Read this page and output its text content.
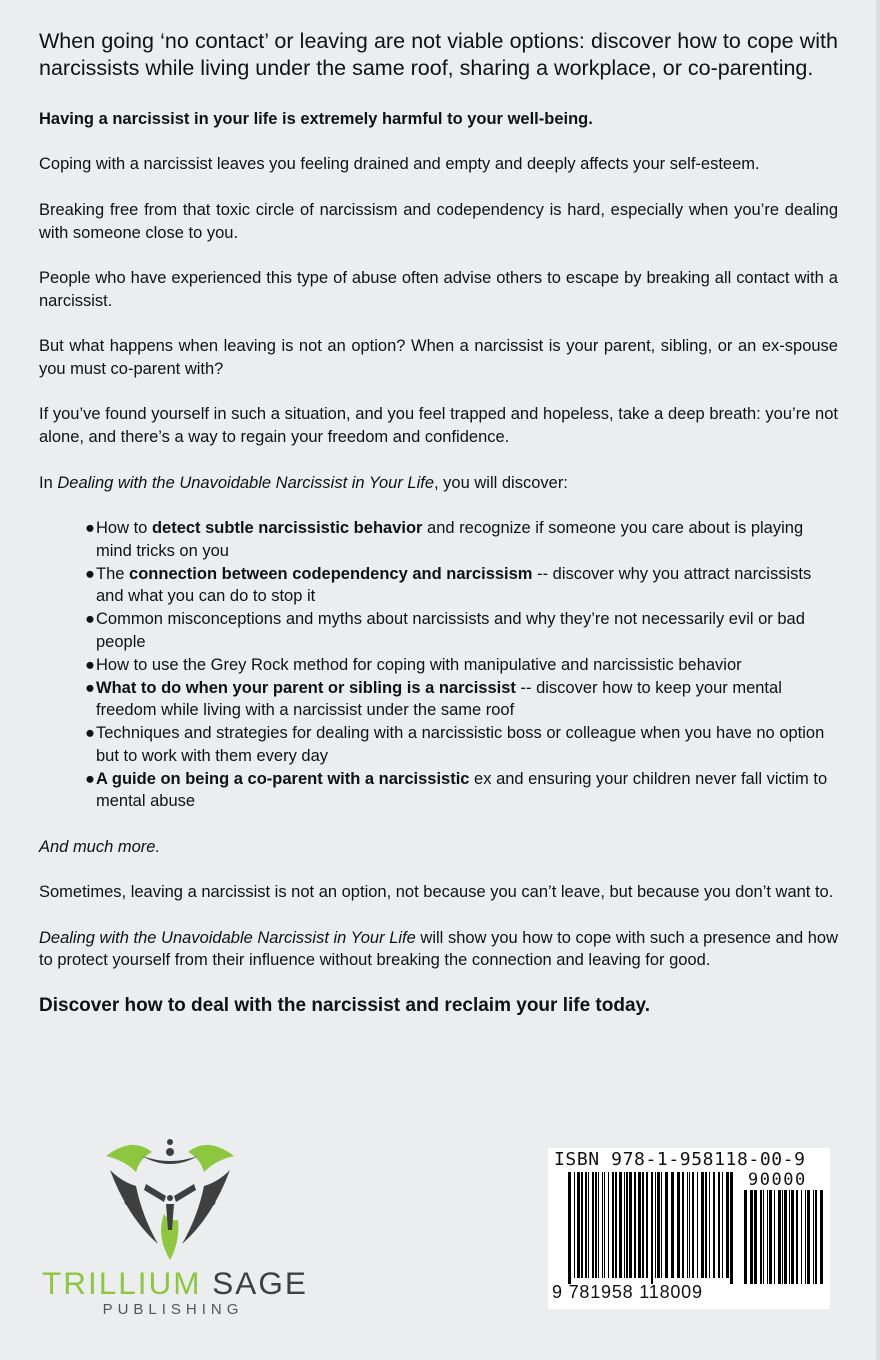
When going ‘no contact’ or leaving are not viable options: discover how to cope with narcissists while living under the same roof, sharing a workplace, or co-parenting.

Having a narcissist in your life is extremely harmful to your well-being.

Coping with a narcissist leaves you feeling drained and empty and deeply affects your self-esteem.

Breaking free from that toxic circle of narcissism and codependency is hard, especially when you’re dealing with someone close to you.

People who have experienced this type of abuse often advise others to escape by breaking all contact with a narcissist.

But what happens when leaving is not an option? When a narcissist is your parent, sibling, or an ex-spouse you must co-parent with?

If you’ve found yourself in such a situation, and you feel trapped and hopeless, take a deep breath: you’re not alone, and there’s a way to regain your freedom and confidence.

In Dealing with the Unavoidable Narcissist in Your Life, you will discover:

● How to detect subtle narcissistic behavior and recognize if someone you care about is playing mind tricks on you
● The connection between codependency and narcissism -- discover why you attract narcissists and what you can do to stop it
● Common misconceptions and myths about narcissists and why they’re not necessarily evil or bad people
● How to use the Grey Rock method for coping with manipulative and narcissistic behavior
● What to do when your parent or sibling is a narcissist -- discover how to keep your mental freedom while living with a narcissist under the same roof
● Techniques and strategies for dealing with a narcissistic boss or colleague when you have no option but to work with them every day
● A guide on being a co-parent with a narcissistic ex and ensuring your children never fall victim to mental abuse

And much more.

Sometimes, leaving a narcissist is not an option, not because you can’t leave, but because you don’t want to.

Dealing with the Unavoidable Narcissist in Your Life will show you how to cope with such a presence and how to protect yourself from their influence without breaking the connection and leaving for good.

Discover how to deal with the narcissist and reclaim your life today.

TRILLIUM SAGE
PUBLISHING
ISBN 978-1-958118-00-9
90000
9 781958 118009
